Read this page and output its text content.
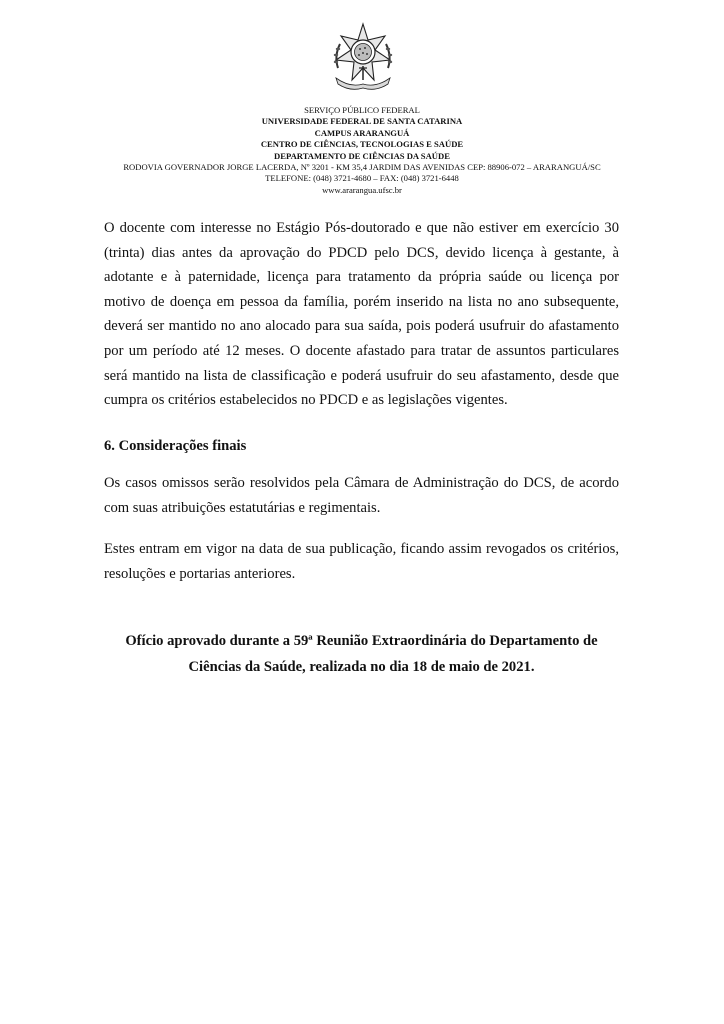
SERVIÇO PÚBLICO FEDERAL
UNIVERSIDADE FEDERAL DE SANTA CATARINA
CAMPUS ARARANGUÁ
CENTRO DE CIÊNCIAS, TECNOLOGIAS E SAÚDE
DEPARTAMENTO DE CIÊNCIAS DA SAÚDE
RODOVIA GOVERNADOR JORGE LACERDA, Nº 3201 - KM 35,4 JARDIM DAS AVENIDAS CEP: 88906-072 – ARARANGUÁ/SC
TELEFONE: (048) 3721-4680 – FAX: (048) 3721-6448
www.ararangua.ufsc.br

O docente com interesse no Estágio Pós-doutorado e que não estiver em exercício 30 (trinta) dias antes da aprovação do PDCD pelo DCS, devido licença à gestante, à adotante e à paternidade, licença para tratamento da própria saúde ou licença por motivo de doença em pessoa da família, porém inserido na lista no ano subsequente, deverá ser mantido no ano alocado para sua saída, pois poderá usufruir do afastamento por um período até 12 meses. O docente afastado para tratar de assuntos particulares será mantido na lista de classificação e poderá usufruir do seu afastamento, desde que cumpra os critérios estabelecidos no PDCD e as legislações vigentes.

6. Considerações finais

Os casos omissos serão resolvidos pela Câmara de Administração do DCS, de acordo com suas atribuições estatutárias e regimentais.

Estes entram em vigor na data de sua publicação, ficando assim revogados os critérios, resoluções e portarias anteriores.

Ofício aprovado durante a 59ª Reunião Extraordinária do Departamento de
Ciências da Saúde, realizada no dia 18 de maio de 2021.
